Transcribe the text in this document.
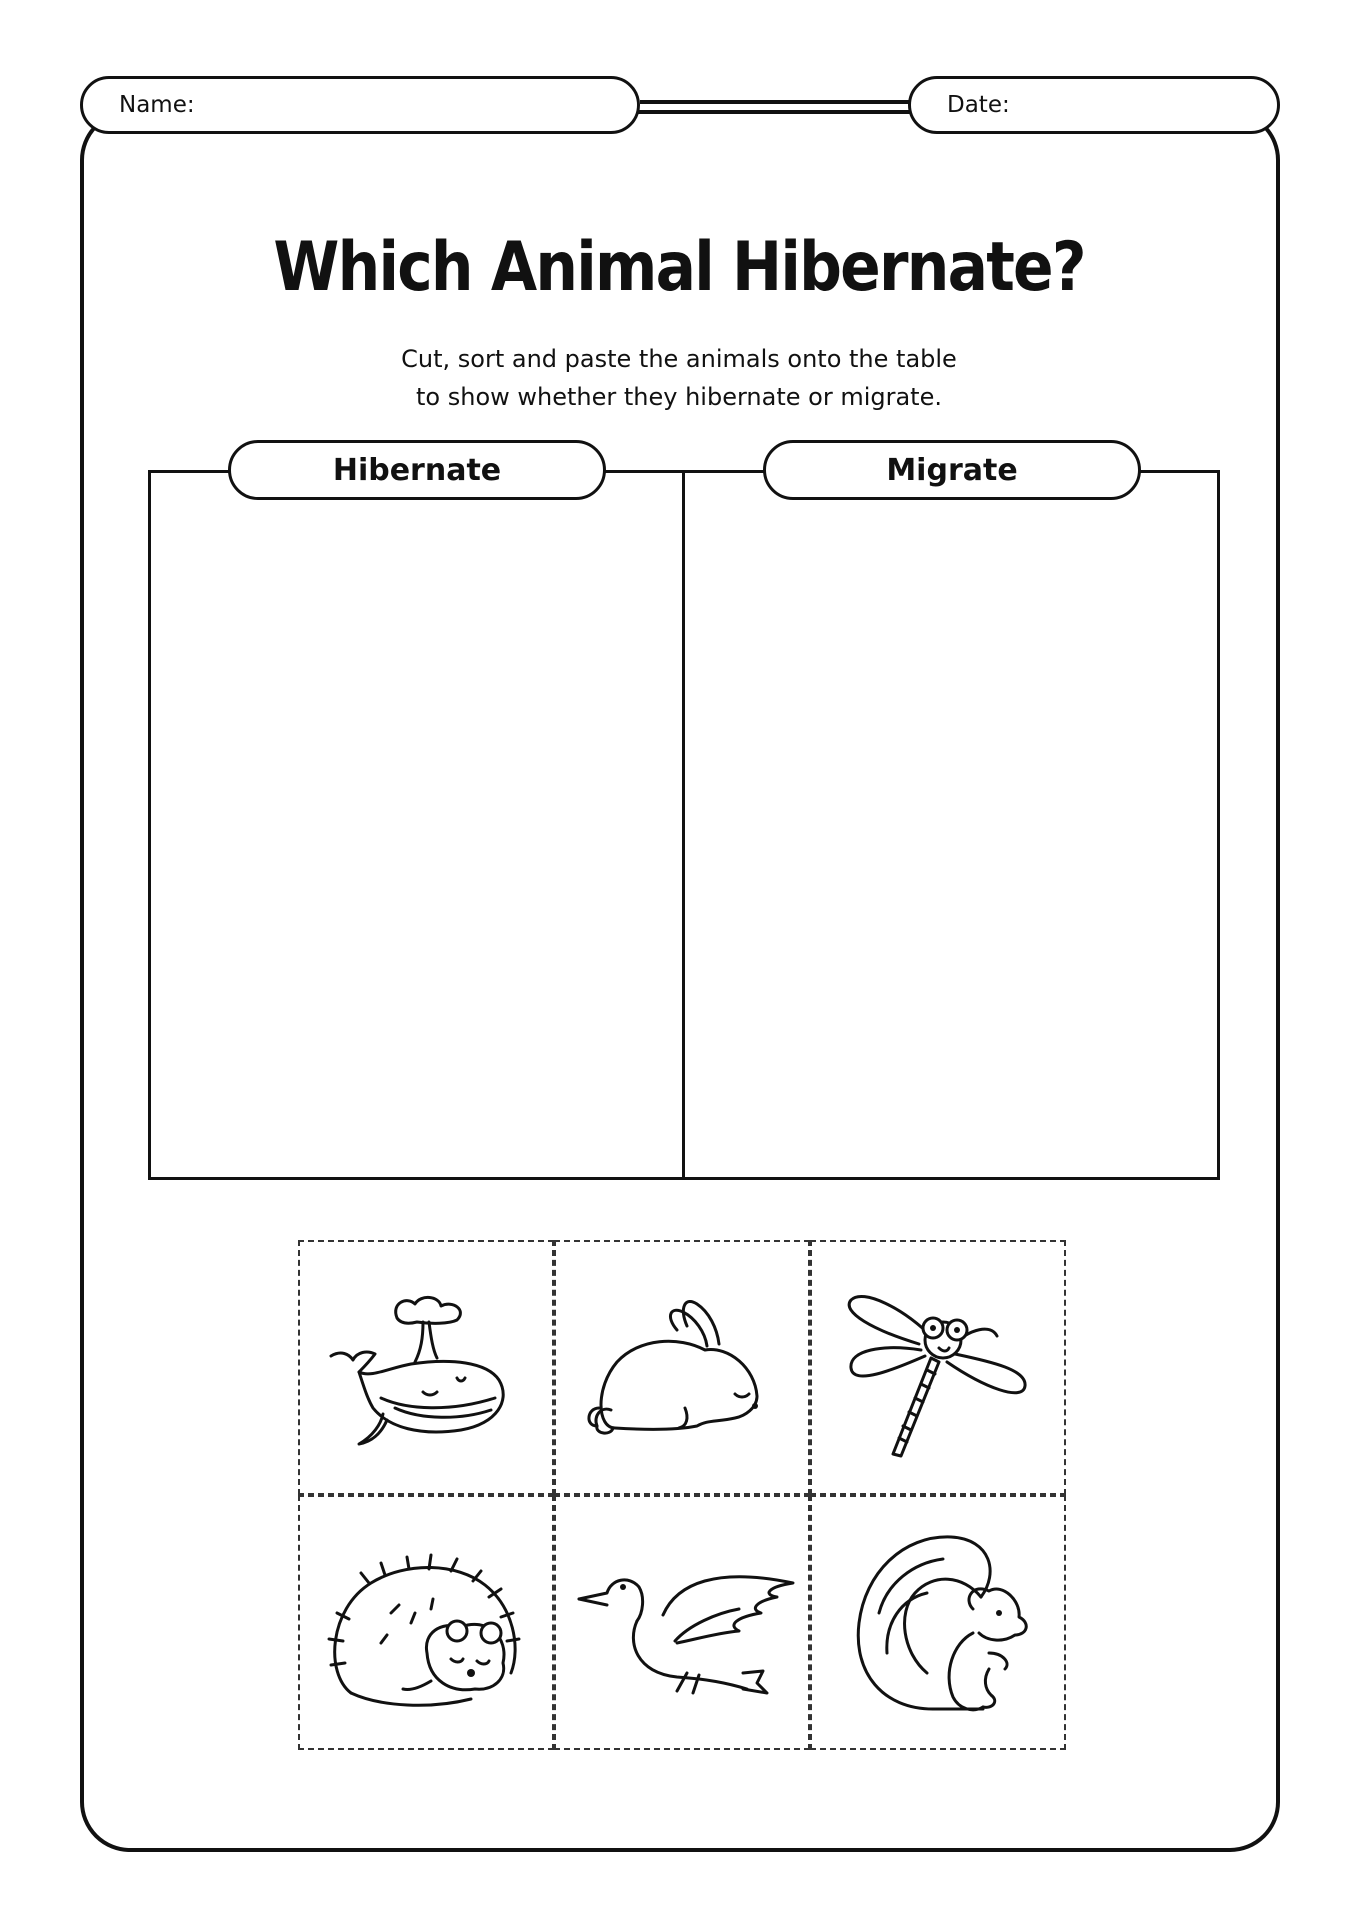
Name:	Date:
Which Animal Hibernate?
Cut, sort and paste the animals onto the table
to show whether they hibernate or migrate.
Hibernate	Migrate
